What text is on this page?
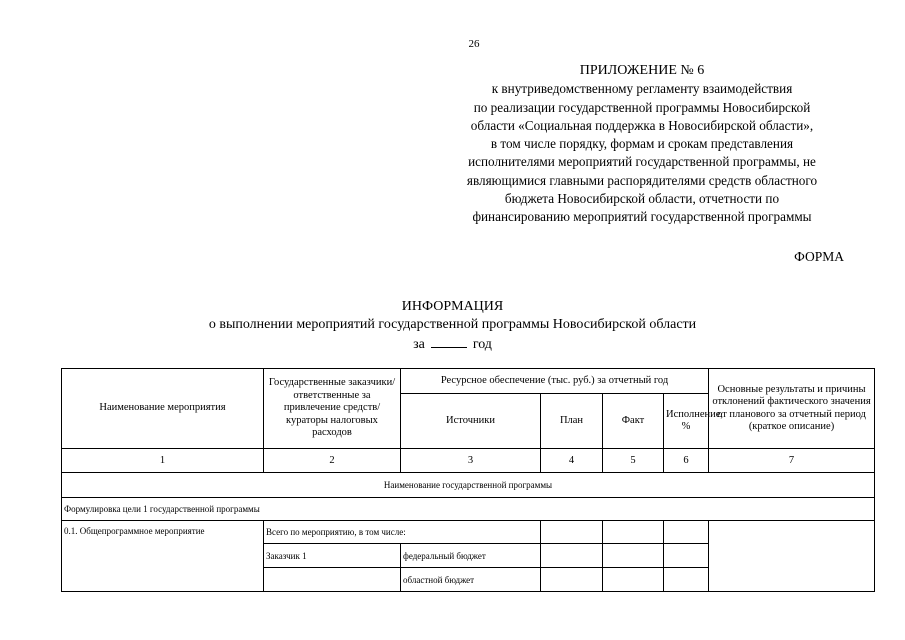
26
ПРИЛОЖЕНИЕ № 6
к внутриведомственному регламенту взаимодействия
по реализации государственной программы Новосибирской
области «Социальная поддержка в Новосибирской области»,
в том числе порядку, формам и срокам представления
исполнителями мероприятий государственной программы, не
являющимися главными распорядителями средств областного
бюджета Новосибирской области, отчетности по
финансированию мероприятий государственной программы
ФОРМА
ИНФОРМАЦИЯ
о выполнении мероприятий государственной программы Новосибирской области
за	год
Наименование мероприятия	Государственные заказчики/ответственные за привлечение средств/кураторы налоговых расходов	Ресурсное обеспечение (тыс. руб.) за отчетный год				Основные результаты и причины отклонений фактического значения от планового за отчетный период (краткое описание)
		Источники	План	Факт	Исполнение, %	
1	2	3	4	5	6	7
Наименование государственной программы						
Формулировка цели 1 государственной программы						
0.1. Общепрограммное мероприятие	Всего по мероприятию, в том числе:					
	Заказчик 1	федеральный бюджет				
		областной бюджет				
